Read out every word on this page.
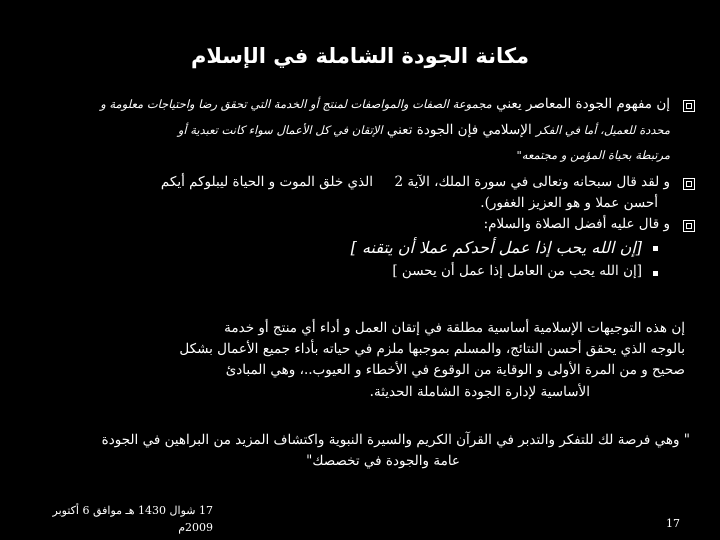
مكانة الجودة الشاملة في الإسلام
إن مفهوم الجودة المعاصر يعني مجموعة الصفات والمواصفات لمنتج أو الخدمة التي تحقق رضا واحتياجات معلومة و
محددة للعميل، أما في الفكر الإسلامي فإن الجودة تعني الإتقان في كل الأعمال سواء كانت تعبدية أو
مرتبطة بحياة المؤمن و مجتمعه"
و لقد قال سبحانه وتعالى في سورة الملك، الآية 2     الذي خلق الموت و الحياة ليبلوكم أيكم
أحسن عملا و هو العزيز الغفور).
و قال عليه أفضل الصلاة والسلام:
[إن الله يحب إذا عمل أحدكم عملا أن يتقنه ]
[إن الله يحب من العامل إذا عمل أن يحسن ]
إن هذه التوجيهات الإسلامية أساسية مطلقة في إتقان العمل و أداء أي منتج أو خدمة
بالوجه الذي يحقق أحسن النتائج، والمسلم بموجبها ملزم في حياته بأداء جميع الأعمال بشكل
صحيح و من المرة الأولى و الوقاية من الوقوع في الأخطاء و العيوب..، وهي المبادئ
الأساسية لإدارة الجودة الشاملة الحديثة.
" وهي فرصة لك للتفكر والتدبر في القرآن الكريم والسيرة النبوية واكتشاف المزيد من البراهين في الجودة
عامة والجودة في تخصصك"
17 شوال 1430 هـ موافق 6 أكتوبر
2009م	17
